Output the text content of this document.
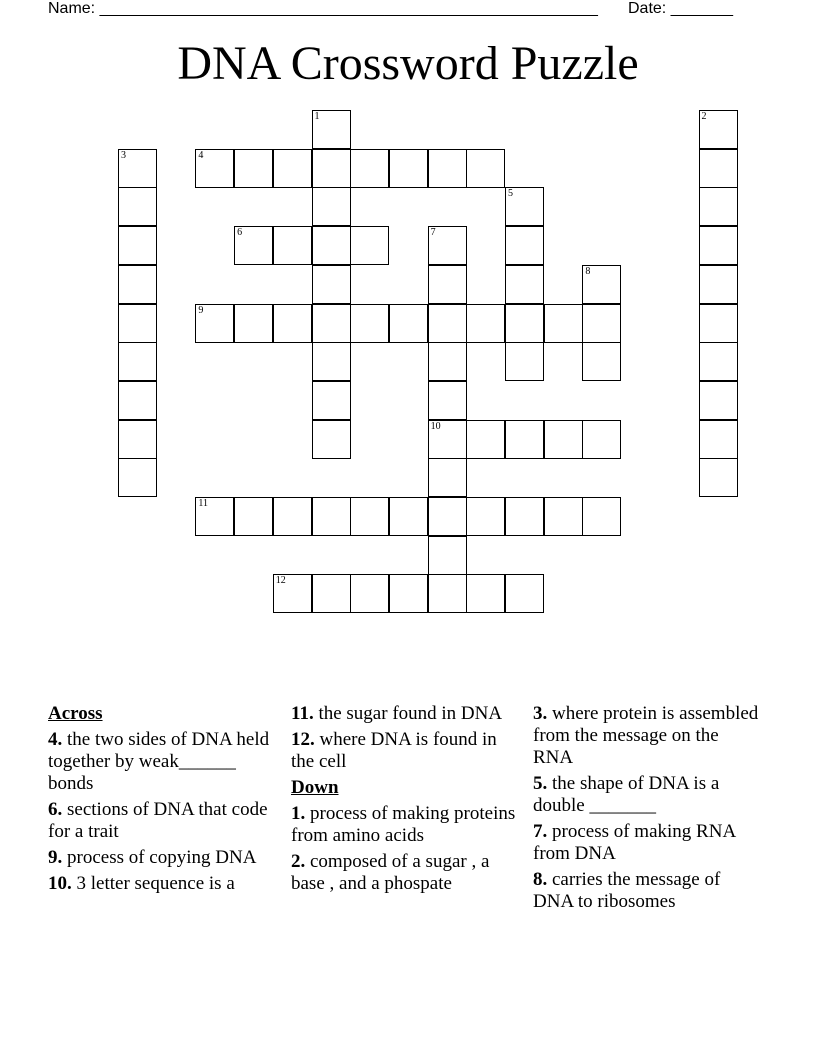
Name: ________________________________________________________ Date: _______
DNA Crossword Puzzle
1	2
3	4
5
6	7
10
8
9
11
12
Across
4. the two sides of DNA held together by weak______ bonds
6. sections of DNA that code for a trait
9. process of copying DNA
10. 3 letter sequence is a
11. the sugar found in DNA
12. where DNA is found in the cell
Down
1. process of making proteins from amino acids
2. composed of a sugar , a base , and a phospate
3. where protein is assembled from the message on the RNA
5. the shape of DNA is a double _______
7. process of making RNA from DNA
8. carries the message of DNA to ribosomes
